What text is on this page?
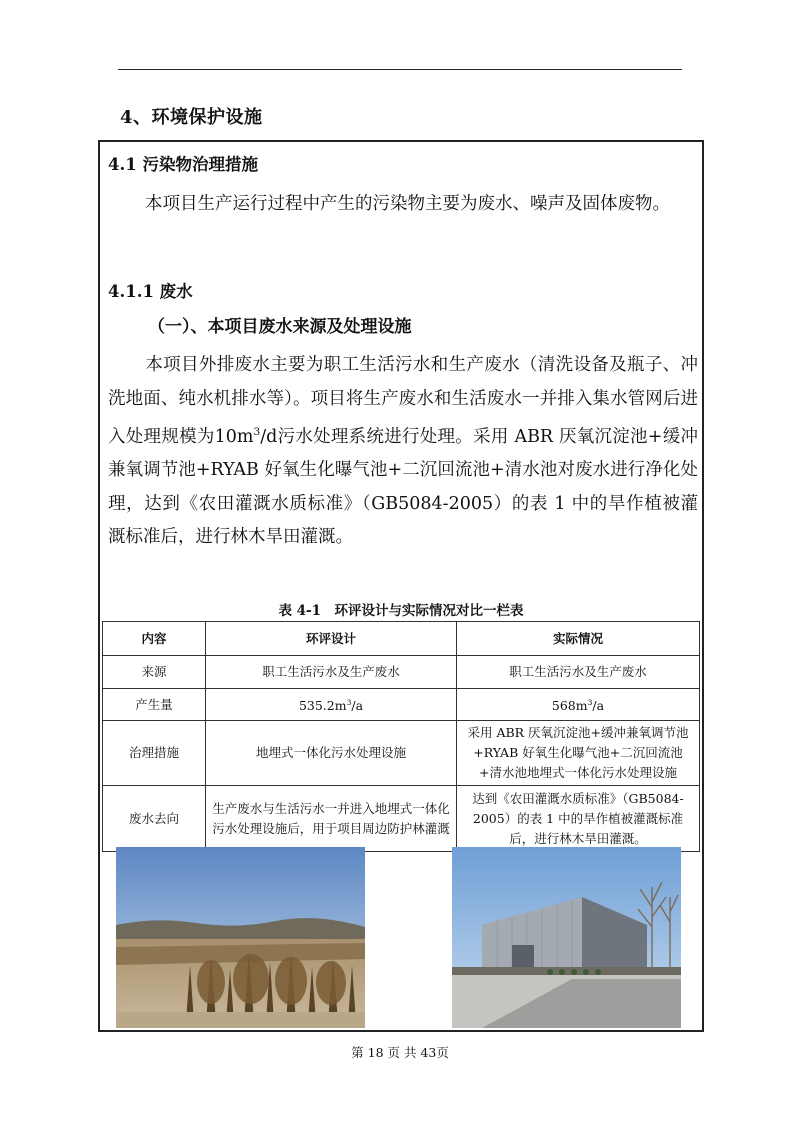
4、环境保护设施
4.1 污染物治理措施
本项目生产运行过程中产生的污染物主要为废水、噪声及固体废物。
4.1.1 废水
（一）、本项目废水来源及处理设施
本项目外排废水主要为职工生活污水和生产废水（清洗设备及瓶子、冲洗地面、纯水机排水等）。项目将生产废水和生活废水一并排入集水管网后进入处理规模为$10m^3/d$污水处理系统进行处理。采用 ABR 厌氧沉淀池+缓冲兼氧调节池+RYAB 好氧生化曝气池+二沉回流池+清水池对废水进行净化处理，达到《农田灌溉水质标准》（GB5084-2005）的表 1 中的旱作植被灌溉标准后，进行林木旱田灌溉。
表 4-1　环评设计与实际情况对比一栏表
内容	环评设计	实际情况
来源	职工生活污水及生产废水	职工生活污水及生产废水
产生量	$535.2m^3/a$	$568m^3/a$
治理措施	地埋式一体化污水处理设施	采用 ABR 厌氧沉淀池+缓冲兼氧调节池+RYAB 好氧生化曝气池+二沉回流池+清水池地埋式一体化污水处理设施
废水去向	生产废水与生活污水一并进入地埋式一体化污水处理设施后，用于项目周边防护林灌溉	达到《农田灌溉水质标准》（GB5084-2005）的表 1 中的旱作植被灌溉标准后，进行林木旱田灌溉。
第 18 页 共 43页
